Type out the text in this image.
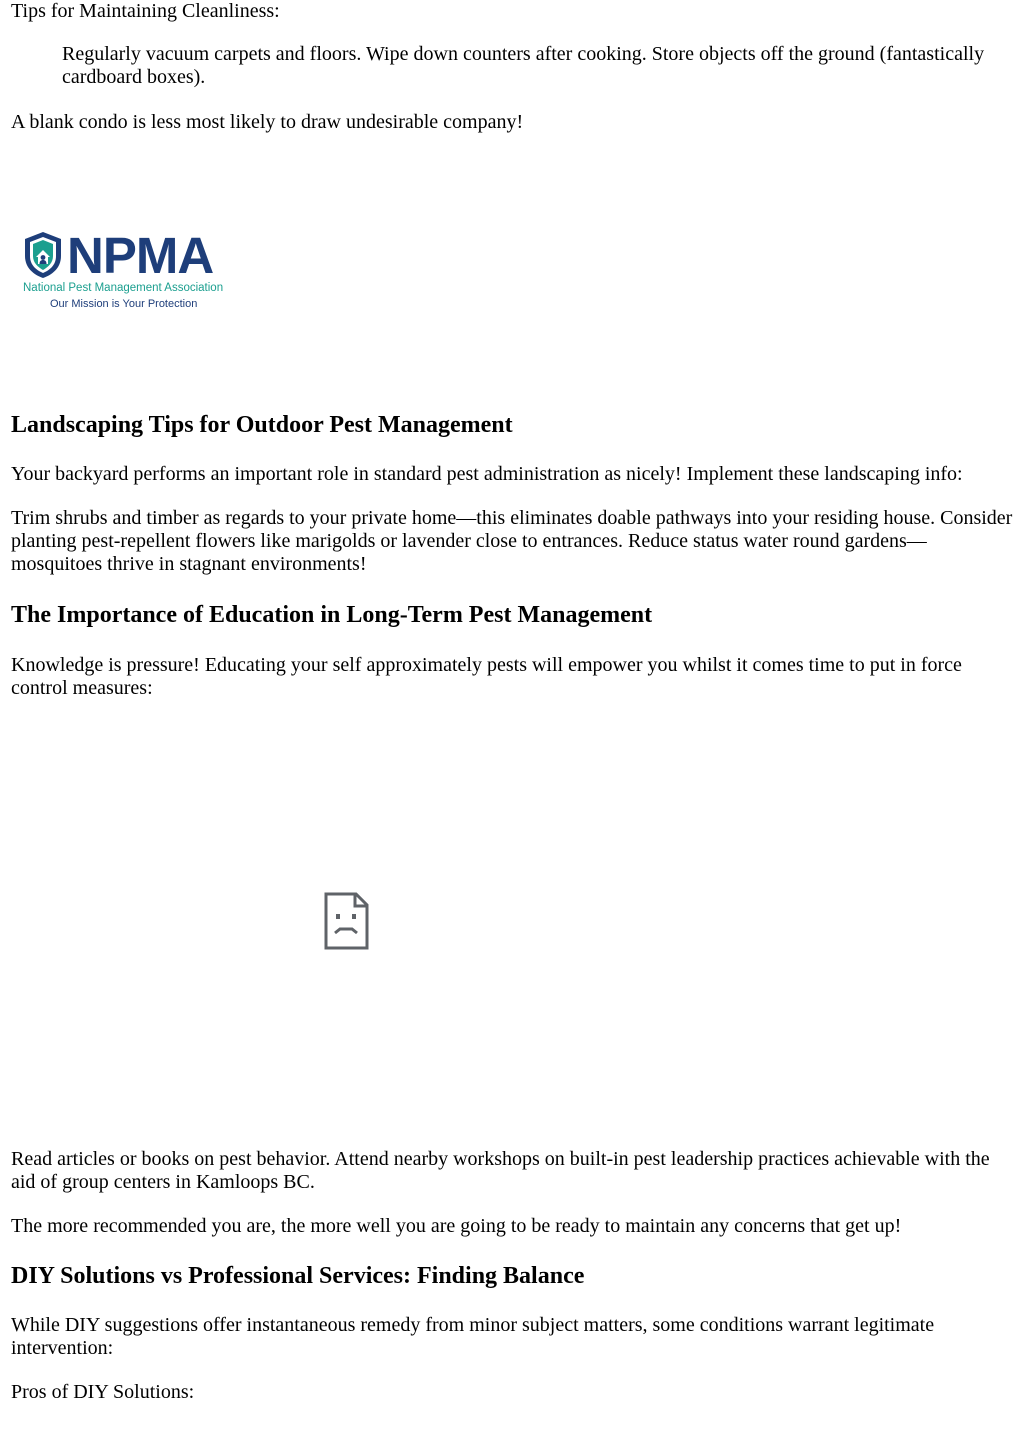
Tips for Maintaining Cleanliness:

Regularly vacuum carpets and floors. Wipe down counters after cooking. Store objects off the ground (fantastically cardboard boxes).

A blank condo is less most likely to draw undesirable company!

NPMA
National Pest Management Association
Our Mission is Your Protection
Landscaping Tips for Outdoor Pest Management

Your backyard performs an important role in standard pest administration as nicely! Implement these landscaping info:

Trim shrubs and timber as regards to your private home—this eliminates doable pathways into your residing house. Consider planting pest-repellent flowers like marigolds or lavender close to entrances. Reduce status water round gardens—mosquitoes thrive in stagnant environments!

The Importance of Education in Long-Term Pest Management

Knowledge is pressure! Educating your self approximately pests will empower you whilst it comes time to put in force control measures:

Read articles or books on pest behavior. Attend nearby workshops on built-in pest leadership practices achievable with the aid of group centers in Kamloops BC.

The more recommended you are, the more well you are going to be ready to maintain any concerns that get up!

DIY Solutions vs Professional Services: Finding Balance

While DIY suggestions offer instantaneous remedy from minor subject matters, some conditions warrant legitimate intervention:

Pros of DIY Solutions:
